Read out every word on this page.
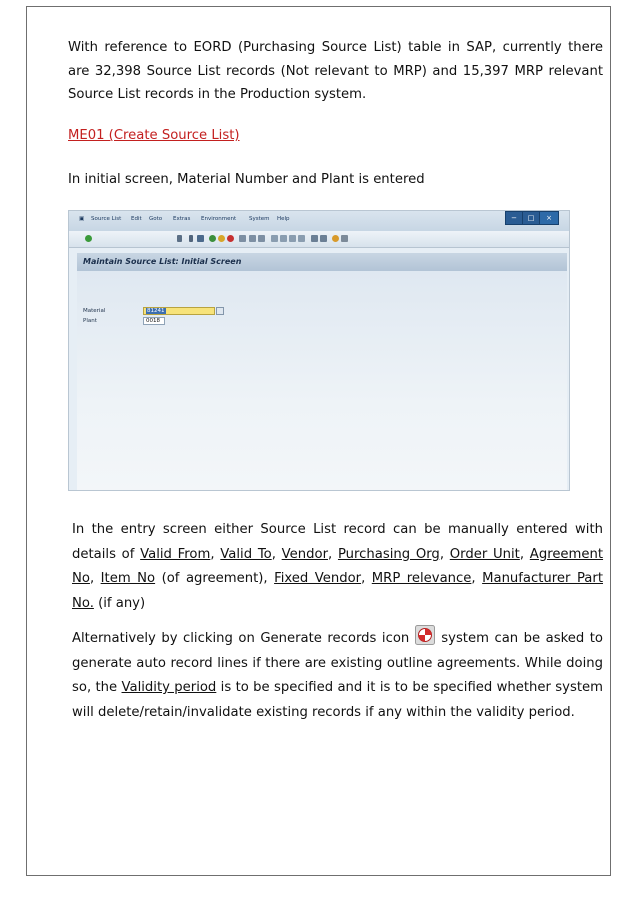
With reference to EORD (Purchasing Source List) table in SAP, currently there are 32,398 Source List records (Not relevant to MRP) and 15,397 MRP relevant Source List records in the Production system.

ME01 (Create Source List)

In initial screen, Material Number and Plant is entered

▣ Source List Edit Goto Extras Environment System Help	−	□	×
Maintain Source List: Initial Screen
Material	81241
Plant	0018

In the entry screen either Source List record can be manually entered with details of Valid From, Valid To, Vendor, Purchasing Org, Order Unit, Agreement No, Item No (of agreement), Fixed Vendor, MRP relevance, Manufacturer Part No. (if any)

Alternatively by clicking on Generate records icon system can be asked to generate auto record lines if there are existing outline agreements. While doing so, the Validity period is to be specified and it is to be specified whether system will delete/retain/invalidate existing records if any within the validity period.
